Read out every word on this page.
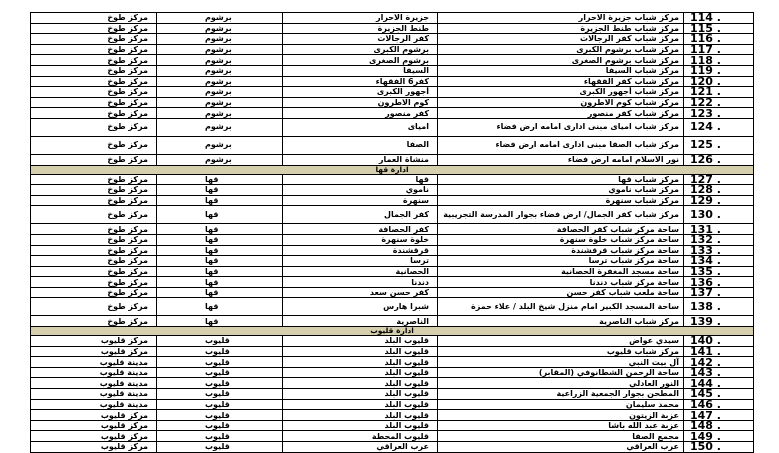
مركز طوخ	برشوم	جزيرة الاحرار	مركز شباب جزيرة الاحرار	114 .
مركز طوخ	برشوم	طنط الجزيرة	مركز شباب طنط الجزيرة	115 .
مركز طوخ	برشوم	كفر الرجالات	مركز شباب كفر الرجالات	116 .
مركز طوخ	برشوم	برشوم الكبرى	مركز شباب برشوم الكبرى	117 .
مركز طوخ	برشوم	برشوم الصغرى	مركز شباب برشوم الصغرى	118 .
مركز طوخ	برشوم	السيفا	مركز شباب السيفا	119 .
مركز طوخ	برشوم	كفر6 الفقهاء	مركز شباب كفر الفقهاء	120 .
مركز طوخ	برشوم	أجهور الكبرى	مركز شباب أجهور الكبرى	121 .
مركز طوخ	برشوم	كوم الاطرون	مركز شباب كوم الاطرون	122 .
مركز طوخ	برشوم	كفر منصور	مركز شباب كفر منصور	123 .
مركز طوخ	برشوم	امياى	مركز شباب امياى مبنى ادارى امامه ارض فضاء	124 .
مركز طوخ	برشوم	الصفا	مركز شباب الصفا مبنى ادارى امامه ارض فضاء	125 .
مركز طوخ	برشوم	منشاة العمار	نور الاسلام امامه ارض فضاء	126 .
ادارة قها				
مركز طوخ	قها	قها	مركز شباب قها	127 .
مركز طوخ	قها	ناموي	مركز شباب ناموي	128 .
مركز طوخ	قها	سنهرة	مركز شباب سنهرة	129 .
مركز طوخ	قها	كفر الجمال	مركز شباب كفر الجمال/ ارض فضاء بجوار المدرسة التجريبية	130 .
مركز طوخ	قها	كفر الحصافة	ساحة مركز شباب كفر الحصافة	131 .
مركز طوخ	قها	خلوة سنهرة	ساحة مركز شباب خلوة سنهرة	132 .
مركز طوخ	قها	قرقشندة	ساحة مركز شباب قرقشندة	133 .
مركز طوخ	قها	ترسا	ساحة مركز شباب ترسا	134 .
مركز طوخ	قها	الحصانية	ساحة مسجد المغفرة الحصانية	135 .
مركز طوخ	قها	دندنا	ساحة مركز شباب دندنا	136 .
مركز طوخ	قها	كفر حسن سعد	ساحة ملعب شباب كفر حسن	137 .
مركز طوخ	قها	شبرا هارس	ساحة المسجد الكبير امام منزل شيخ البلد / علاء حمزة	138 .
مركز طوخ	قها	الناصرية	مركز شباب الناصرية	139 .
ادارة قليوب				
مركز قليوب	قليوب	قليوب البلد	سيدي عواض	140 .
مركز قليوب	قليوب	قليوب البلد	مركز شباب قليوب	141 .
مدينة قليوب	قليوب	قليوب البلد	آل بيت النبي	142 .
مدينة قليوب	قليوب	قليوب البلد	ساحة الرحمن الشطانوفي (المقابر)	143 .
مدينة قليوب	قليوب	قليوب البلد	النور العادلي	144 .
مدينة قليوب	قليوب	قليوب البلد	المطحن بجوار الجمعية الزراعية	145 .
مدينة قليوب	قليوب	قليوب البلد	محمد سليمان	146 .
مركز قليوب	قليوب	قليوب البلد	عزبة الزيتون	147 .
مركز قليوب	قليوب	قليوب البلد	عزبة عبد الله باشا	148 .
مركز قليوب	قليوب	قليوب المحطة	مجمع الصفا	149 .
مركز قليوب	قليوب	عرب العراقي	عرب العراقي	150 .
